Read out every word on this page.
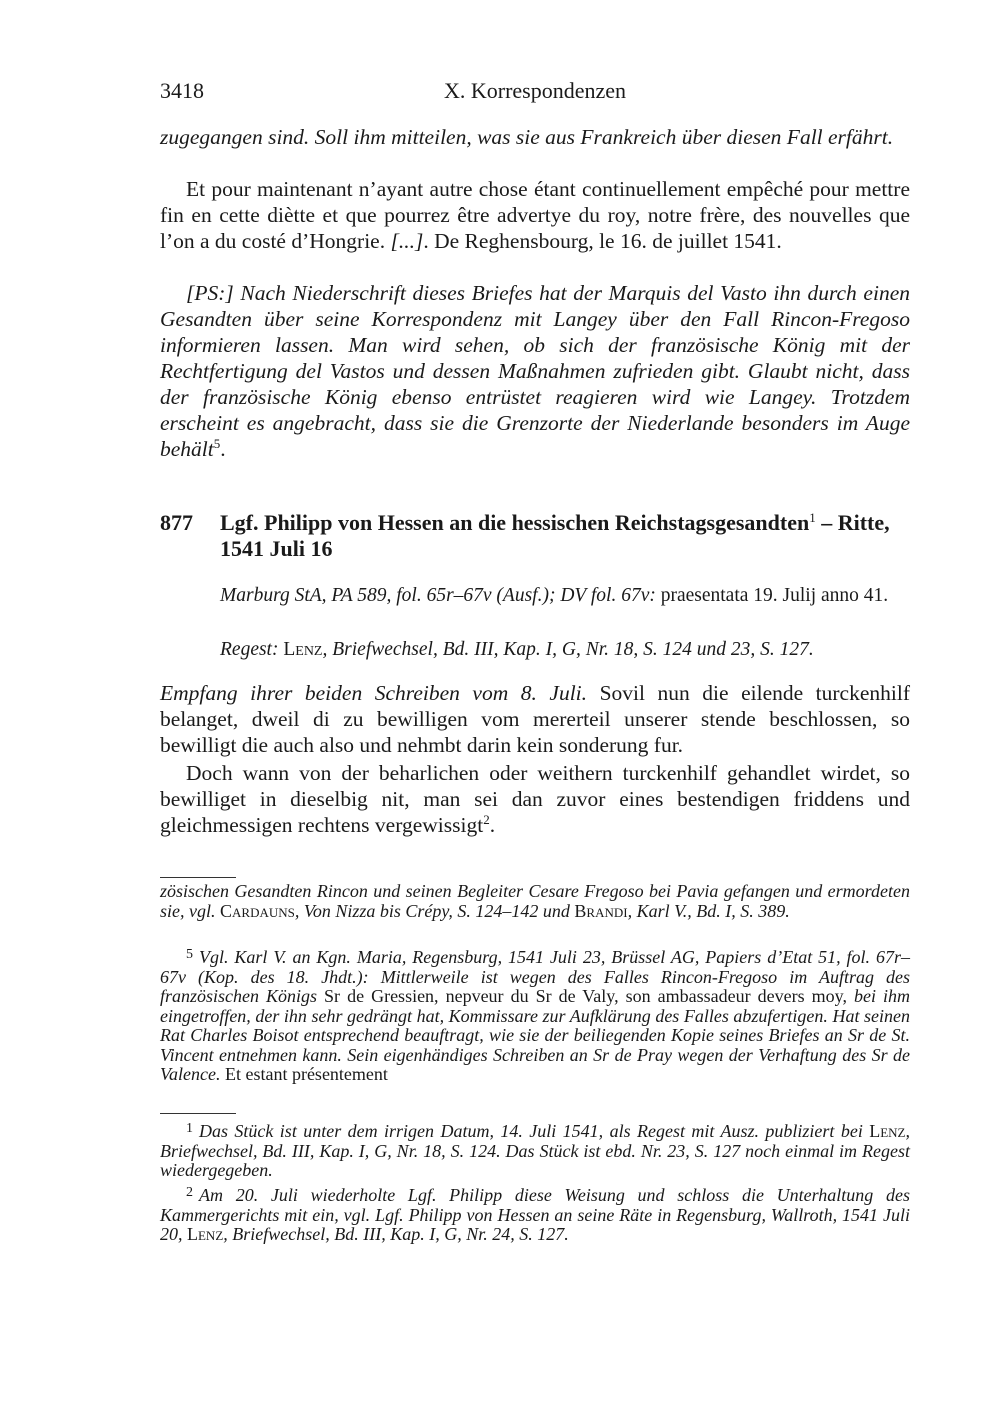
3418	X. Korrespondenzen

zugegangen sind. Soll ihm mitteilen, was sie aus Frankreich über diesen Fall erfährt.

Et pour maintenant n’ayant autre chose étant continuellement empêché pour mettre fin en cette diètte et que pourrez être advertye du roy, notre frère, des nouvelles que l’on a du costé d’Hongrie. [...]. De Reghensbourg, le 16. de juillet 1541.

[PS:] Nach Niederschrift dieses Briefes hat der Marquis del Vasto ihn durch einen Gesandten über seine Korrespondenz mit Langey über den Fall Rincon-Fregoso informieren lassen. Man wird sehen, ob sich der französische König mit der Rechtfertigung del Vastos und dessen Maßnahmen zufrieden gibt. Glaubt nicht, dass der französische König ebenso entrüstet reagieren wird wie Langey. Trotzdem erscheint es angebracht, dass sie die Grenzorte der Niederlande besonders im Auge behält$^5$.

877 Lgf. Philipp von Hessen an die hessischen Reichstagsgesandten$^1$ – Ritte, 1541 Juli 16

Marburg StA, PA 589, fol. 65r–67v (Ausf.); DV fol. 67v: praesentata 19. Julij anno 41.

Regest: Lenz, Briefwechsel, Bd. III, Kap. I, G, Nr. 18, S. 124 und 23, S. 127.

Empfang ihrer beiden Schreiben vom 8. Juli. Sovil nun die eilende turckenhilf belanget, dweil di zu bewilligen vom mererteil unserer stende beschlossen, so bewilligt die auch also und nehmbt darin kein sonderung fur.

Doch wann von der beharlichen oder weithern turckenhilf gehandlet wirdet, so bewilliget in dieselbig nit, man sei dan zuvor eines bestendigen friddens und gleichmessigen rechtens vergewissigt$^2$.

zösischen Gesandten Rincon und seinen Begleiter Cesare Fregoso bei Pavia gefangen und ermordeten sie, vgl. Cardauns, Von Nizza bis Crépy, S. 124–142 und Brandi, Karl V., Bd. I, S. 389.

$^5$ Vgl. Karl V. an Kgn. Maria, Regensburg, 1541 Juli 23, Brüssel AG, Papiers d’Etat 51, fol. 67r–67v (Kop. des 18. Jhdt.): Mittlerweile ist wegen des Falles Rincon-Fregoso im Auftrag des französischen Königs Sr de Gressien, nepveur du Sr de Valy, son ambassadeur devers moy, bei ihm eingetroffen, der ihn sehr gedrängt hat, Kommissare zur Aufklärung des Falles abzufertigen. Hat seinen Rat Charles Boisot entsprechend beauftragt, wie sie der beiliegenden Kopie seines Briefes an Sr de St. Vincent entnehmen kann. Sein eigenhändiges Schreiben an Sr de Pray wegen der Verhaftung des Sr de Valence. Et estant présentement

$^1$ Das Stück ist unter dem irrigen Datum, 14. Juli 1541, als Regest mit Ausz. publiziert bei Lenz, Briefwechsel, Bd. III, Kap. I, G, Nr. 18, S. 124. Das Stück ist ebd. Nr. 23, S. 127 noch einmal im Regest wiedergegeben.

$^2$ Am 20. Juli wiederholte Lgf. Philipp diese Weisung und schloss die Unterhaltung des Kammergerichts mit ein, vgl. Lgf. Philipp von Hessen an seine Räte in Regensburg, Wallroth, 1541 Juli 20, Lenz, Briefwechsel, Bd. III, Kap. I, G, Nr. 24, S. 127.
